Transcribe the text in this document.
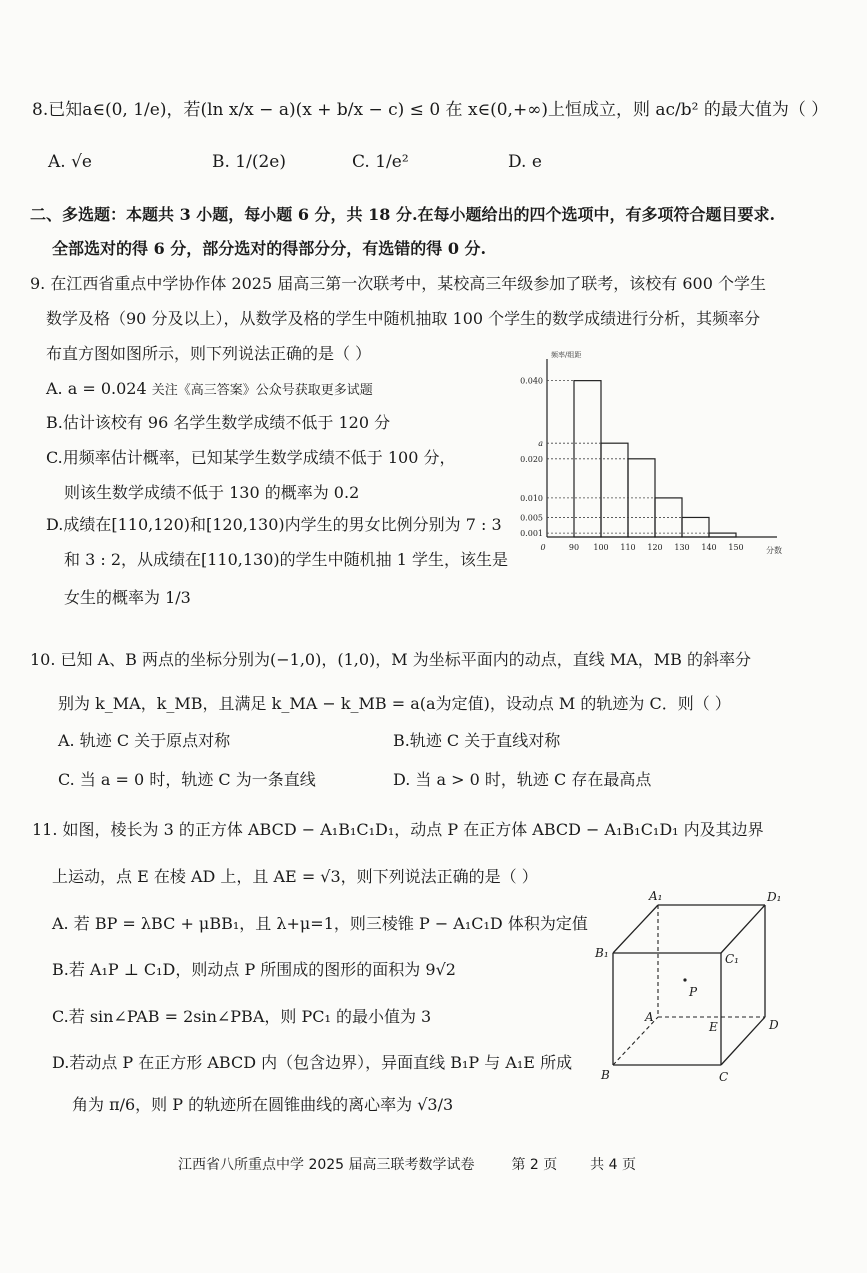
8.已知a∈(0, 1/e)，若(ln x/x − a)(x + b/x − c) ≤ 0 在 x∈(0,+∞)上恒成立，则 ac/b² 的最大值为（ ）
A. √e	B. 1/(2e)	C. 1/e²	D. e
二、多选题：本题共 3 小题，每小题 6 分，共 18 分.在每小题给出的四个选项中，有多项符合题目要求.
全部选对的得 6 分，部分选对的得部分分，有选错的得 0 分.
9. 在江西省重点中学协作体 2025 届高三第一次联考中，某校高三年级参加了联考，该校有 600 个学生
数学及格（90 分及以上），从数学及格的学生中随机抽取 100 个学生的数学成绩进行分析，其频率分
布直方图如图所示，则下列说法正确的是（ ）
A. a = 0.024 关注《高三答案》公众号获取更多试题
B.估计该校有 96 名学生数学成绩不低于 120 分
C.用频率估计概率，已知某学生数学成绩不低于 100 分，
则该生数学成绩不低于 130 的概率为 0.2
D.成绩在[110,120)和[120,130)内学生的男女比例分别为 7 : 3
和 3 : 2，从成绩在[110,130)的学生中随机抽 1 学生，该生是
女生的概率为 1/3
频率/组距
分数
0.040
a
0.020
0.010
0.005
0.001
0	90 100 110 120 130 140 150
10. 已知 A、B 两点的坐标分别为(−1,0)，(1,0)，M 为坐标平面内的动点，直线 MA，MB 的斜率分
别为 k_MA，k_MB，且满足 k_MA − k_MB = a(a为定值)，设动点 M 的轨迹为 C．则（ ）
A. 轨迹 C 关于原点对称	B.轨迹 C 关于直线对称
C. 当 a = 0 时，轨迹 C 为一条直线	D. 当 a > 0 时，轨迹 C 存在最高点
11. 如图，棱长为 3 的正方体 ABCD − A₁B₁C₁D₁，动点 P 在正方体 ABCD − A₁B₁C₁D₁ 内及其边界
上运动，点 E 在棱 AD 上，且 AE = √3，则下列说法正确的是（ ）
A. 若 BP = λBC + μBB₁，且 λ+μ=1，则三棱锥 P − A₁C₁D 体积为定值
B.若 A₁P ⊥ C₁D，则动点 P 所围成的图形的面积为 9√2
C.若 sin∠PAB = 2sin∠PBA，则 PC₁ 的最小值为 3
D.若动点 P 在正方形 ABCD 内（包含边界），异面直线 B₁P 与 A₁E 所成
角为 π/6，则 P 的轨迹所在圆锥曲线的离心率为 √3/3
A₁	D₁
B₁	C₁
P
A
E	D
B	C
江西省八所重点中学 2025 届高三联考数学试卷	第 2 页 共 4 页
